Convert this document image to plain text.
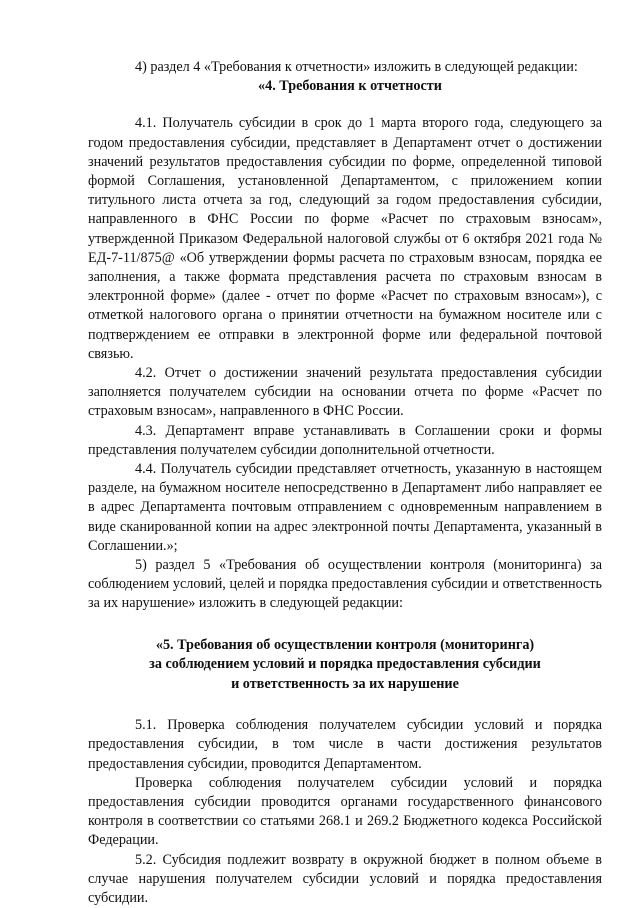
4) раздел 4 «Требования к отчетности» изложить в следующей редакции:

«4. Требования к отчетности

4.1. Получатель субсидии в срок до 1 марта второго года, следующего за годом предоставления субсидии, представляет в Департамент отчет о достижении значений результатов предоставления субсидии по форме, определенной типовой формой Соглашения, установленной Департаментом, с приложением копии титульного листа отчета за год, следующий за годом предоставления субсидии, направленного в ФНС России по форме «Расчет по страховым взносам», утвержденной Приказом Федеральной налоговой службы от 6 октября 2021 года № ЕД-7-11/875@ «Об утверждении формы расчета по страховым взносам, порядка ее заполнения, а также формата представления расчета по страховым взносам в электронной форме» (далее - отчет по форме «Расчет по страховым взносам»), с отметкой налогового органа о принятии отчетности на бумажном носителе или с подтверждением ее отправки в электронной форме или федеральной почтовой связью.

4.2. Отчет о достижении значений результата предоставления субсидии заполняется получателем субсидии на основании отчета по форме «Расчет по страховым взносам», направленного в ФНС России.

4.3. Департамент вправе устанавливать в Соглашении сроки и формы представления получателем субсидии дополнительной отчетности.

4.4. Получатель субсидии представляет отчетность, указанную в настоящем разделе, на бумажном носителе непосредственно в Департамент либо направляет ее в адрес Департамента почтовым отправлением с одновременным направлением в виде сканированной копии на адрес электронной почты Департамента, указанный в Соглашении.»;

5) раздел 5 «Требования об осуществлении контроля (мониторинга) за соблюдением условий, целей и порядка предоставления субсидии и ответственность за их нарушение» изложить в следующей редакции:

«5. Требования об осуществлении контроля (мониторинга)

за соблюдением условий и порядка предоставления субсидии

и ответственность за их нарушение

5.1. Проверка соблюдения получателем субсидии условий и порядка предоставления субсидии, в том числе в части достижения результатов предоставления субсидии, проводится Департаментом.

Проверка соблюдения получателем субсидии условий и порядка предоставления субсидии проводится органами государственного финансового контроля в соответствии со статьями 268.1 и 269.2 Бюджетного кодекса Российской Федерации.

5.2. Субсидия подлежит возврату в окружной бюджет в полном объеме в случае нарушения получателем субсидии условий и порядка предоставления субсидии.
